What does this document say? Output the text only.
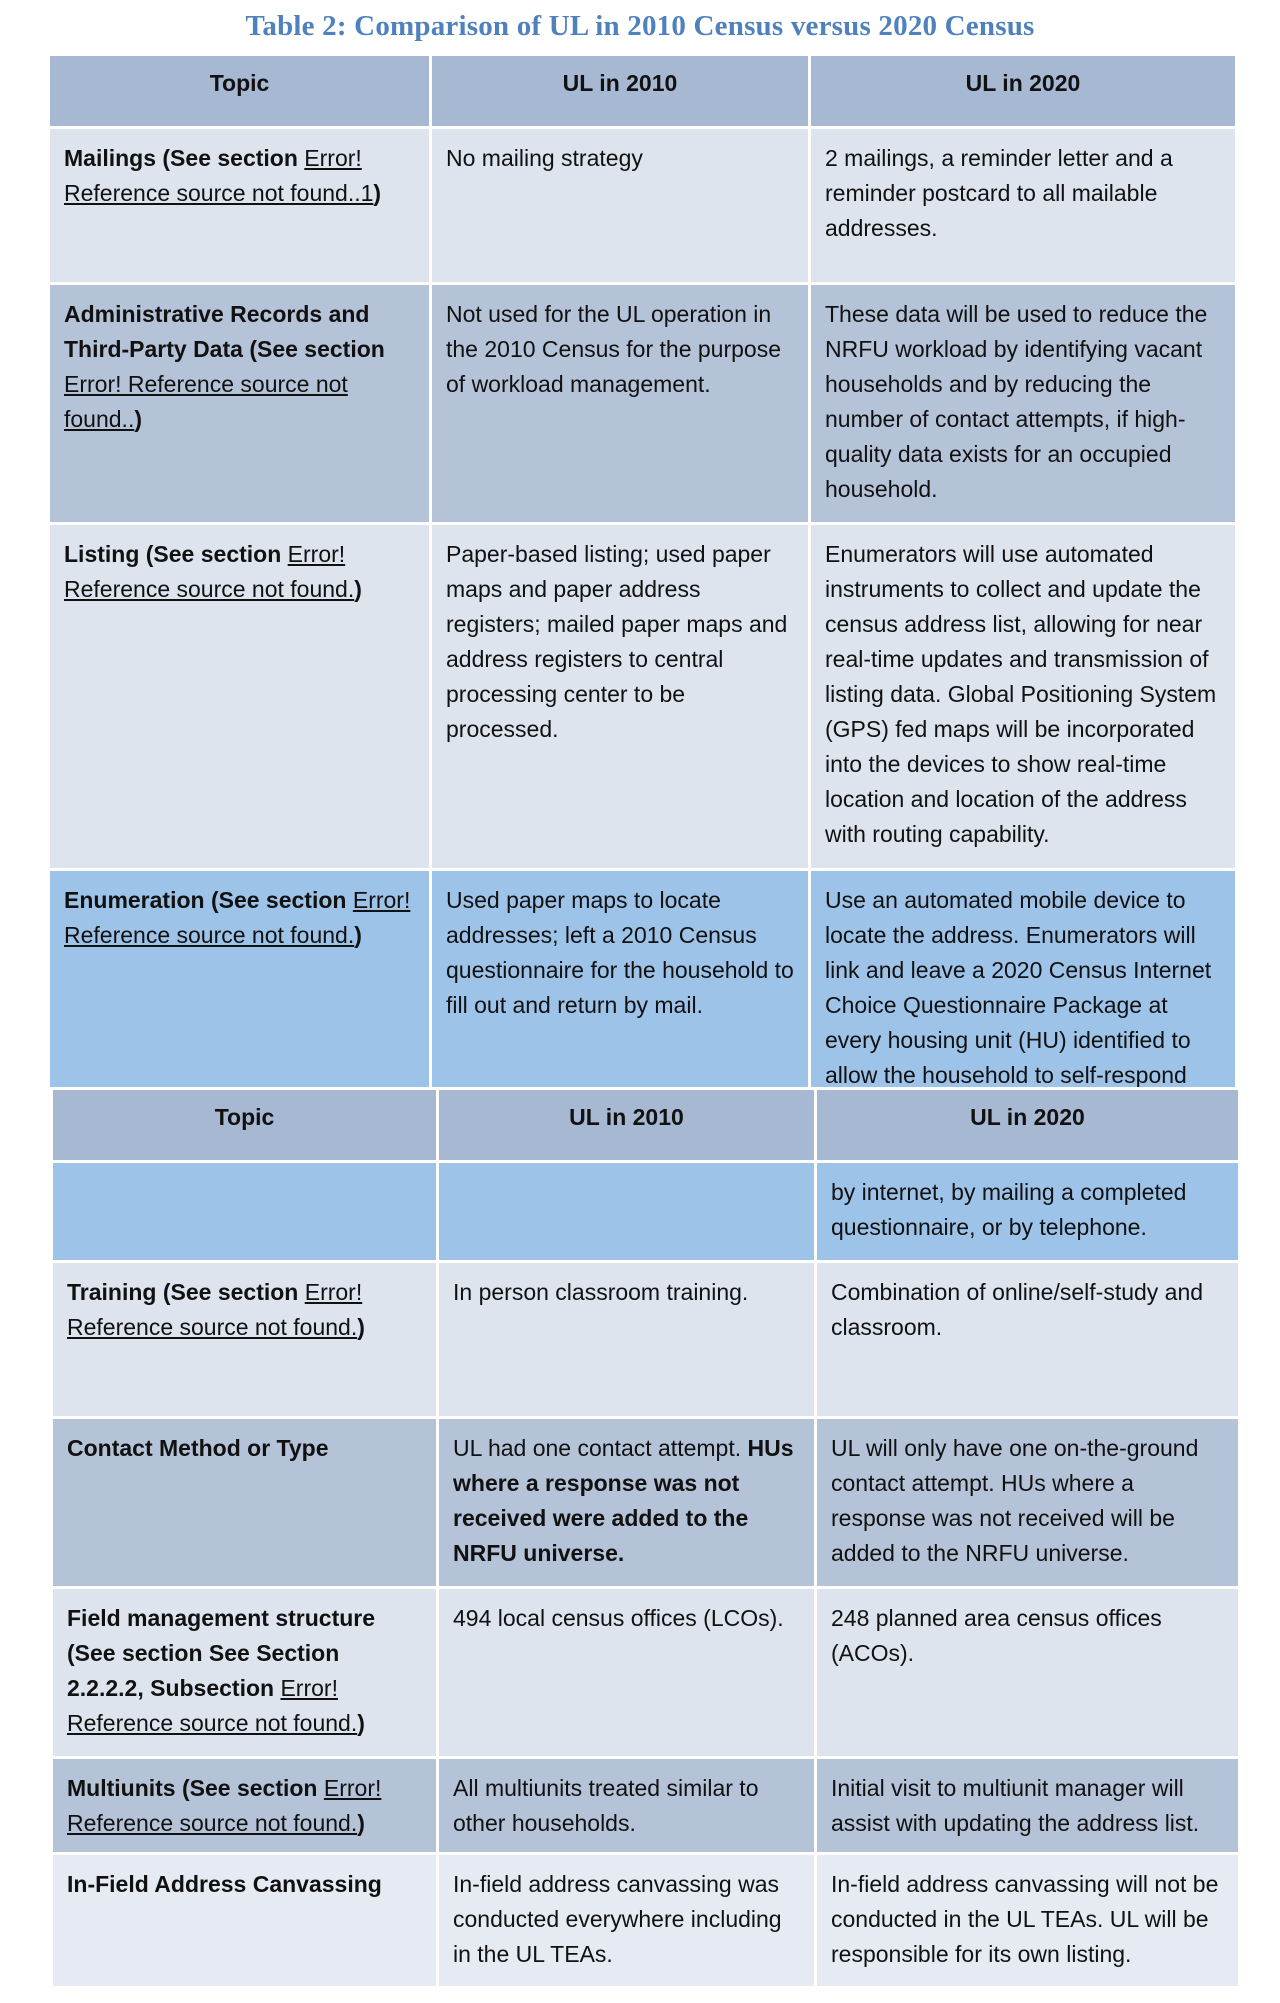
Table 2: Comparison of UL in 2010 Census versus 2020 Census
Topic	UL in 2010	UL in 2020
Mailings (See section Error! Reference source not found..1)	No mailing strategy	2 mailings, a reminder letter and a reminder postcard to all mailable addresses.
Administrative Records and Third-Party Data (See section Error! Reference source not found..)	Not used for the UL operation in the 2010 Census for the purpose of workload management.	These data will be used to reduce the NRFU workload by identifying vacant households and by reducing the number of contact attempts, if high-quality data exists for an occupied household.
Listing (See section Error! Reference source not found.)	Paper-based listing; used paper maps and paper address registers; mailed paper maps and address registers to central processing center to be processed.	Enumerators will use automated instruments to collect and update the census address list, allowing for near real-time updates and transmission of listing data. Global Positioning System (GPS) fed maps will be incorporated into the devices to show real-time location and location of the address with routing capability.
Enumeration (See section Error! Reference source not found.)	Used paper maps to locate addresses; left a 2010 Census questionnaire for the household to fill out and return by mail.	Use an automated mobile device to locate the address. Enumerators will link and leave a 2020 Census Internet Choice Questionnaire Package at every housing unit (HU) identified to allow the household to self-respond
Topic	UL in 2010	UL in 2020
		by internet, by mailing a completed questionnaire, or by telephone.
Training (See section Error! Reference source not found.)	In person classroom training.	Combination of online/self-study and classroom.
Contact Method or Type	UL had one contact attempt. HUs where a response was not received were added to the NRFU universe.	UL will only have one on-the-ground contact attempt. HUs where a response was not received will be added to the NRFU universe.
Field management structure (See section See Section 2.2.2.2, Subsection Error! Reference source not found.)	494 local census offices (LCOs).	248 planned area census offices (ACOs).
Multiunits (See section Error! Reference source not found.)	All multiunits treated similar to other households.	Initial visit to multiunit manager will assist with updating the address list.
In-Field Address Canvassing	In-field address canvassing was conducted everywhere including in the UL TEAs.	In-field address canvassing will not be conducted in the UL TEAs. UL will be responsible for its own listing.
